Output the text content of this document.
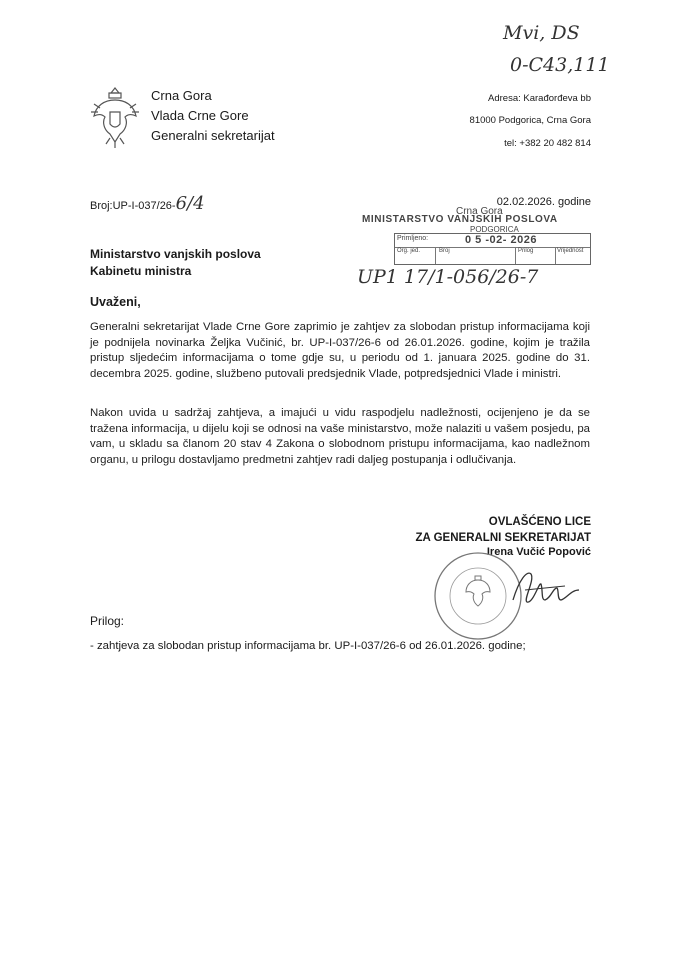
Mvi, DS
0-C43,111
Crna Gora
Vlada Crne Gore
Generalni sekretarijat
Adresa: Karađorđeva bb
81000 Podgorica, Crna Gora
tel: +382 20 482 814
Broj:UP-I-037/26-6/4	02.02.2026. godine
Crna Gora
MINISTARSTVO VANJSKIH POSLOVA
PODGORICA
Primljeno:	0 5 -02- 2026
Org. jed.	Broj	Prilog	Vrijednost
UP1 17/1-056/26-7
Ministarstvo vanjskih poslova
Kabinetu ministra
Uvaženi,
Generalni sekretarijat Vlade Crne Gore zaprimio je zahtjev za slobodan pristup informacijama koji je podnijela novinarka Željka Vučinić, br. UP-I-037/26-6 od 26.01.2026. godine, kojim je tražila pristup sljedećim informacijama o tome gdje su, u periodu od 1. januara 2025. godine do 31. decembra 2025. godine, službeno putovali predsjednik Vlade, potpredsjednici Vlade i ministri.
Nakon uvida u sadržaj zahtjeva, a imajući u vidu raspodjelu nadležnosti, ocijenjeno je da se tražena informacija, u dijelu koji se odnosi na vaše ministarstvo, može nalaziti u vašem posjedu, pa vam, u skladu sa članom 20 stav 4 Zakona o slobodnom pristupu informacijama, kao nadležnom organu, u prilogu dostavljamo predmetni zahtjev radi daljeg postupanja i odlučivanja.
OVLAŠĆENO LICE
ZA GENERALNI SEKRETARIJAT
Irena Vučić Popović
Prilog:
- zahtjeva za slobodan pristup informacijama br. UP-I-037/26-6 od 26.01.2026. godine;
